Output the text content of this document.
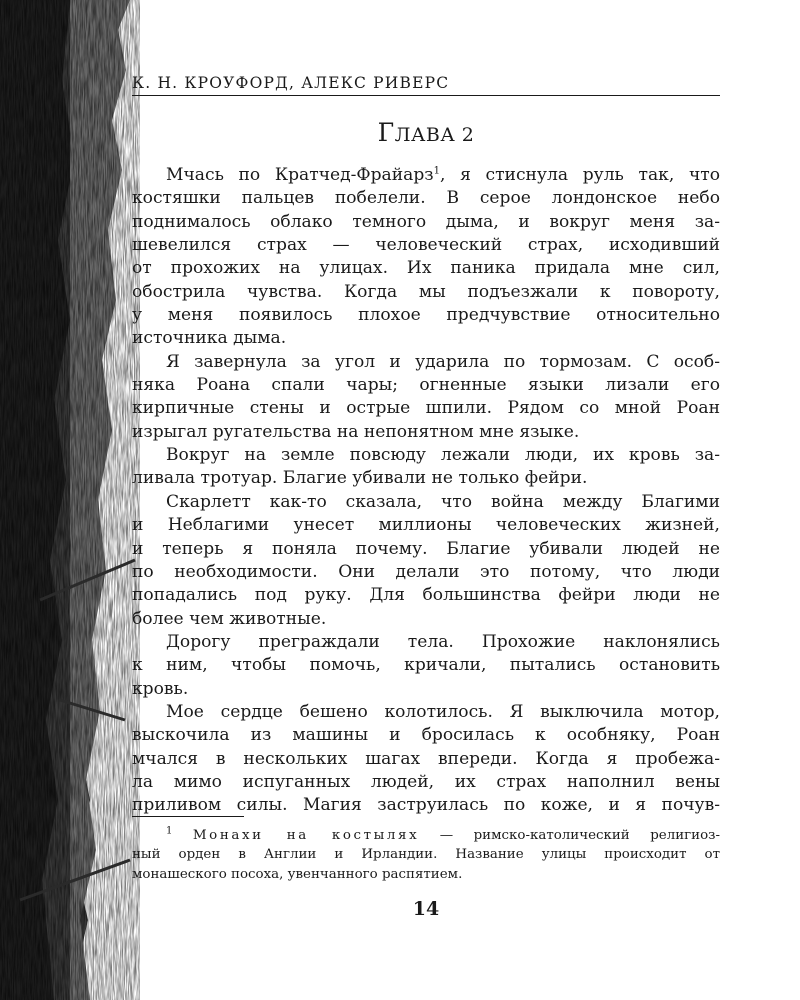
К. Н. КРОУФОРД, АЛЕКС РИВЕРС
ГЛАВА 2
Мчась по Кратчед-Фрайарз$^1$, я стиснула руль так, что
костяшки пальцев побелели. В серое лондонское небо
поднималось облако темного дыма, и вокруг меня за-
шевелился страх — человеческий страх, исходивший
от прохожих на улицах. Их паника придала мне сил,
обострила чувства. Когда мы подъезжали к повороту,
у меня появилось плохое предчувствие относительно
источника дыма.
Я завернула за угол и ударила по тормозам. С особ-
няка Роана спали чары; огненные языки лизали его
кирпичные стены и острые шпили. Рядом со мной Роан
изрыгал ругательства на непонятном мне языке.
Вокруг на земле повсюду лежали люди, их кровь за-
ливала тротуар. Благие убивали не только фейри.
Скарлетт как-то сказала, что война между Благими
и Неблагими унесет миллионы человеческих жизней,
и теперь я поняла почему. Благие убивали людей не
по необходимости. Они делали это потому, что люди
попадались под руку. Для большинства фейри люди не
более чем животные.
Дорогу преграждали тела. Прохожие наклонялись
к ним, чтобы помочь, кричали, пытались остановить
кровь.
Мое сердце бешено колотилось. Я выключила мотор,
выскочила из машины и бросилась к особняку, Роан
мчался в нескольких шагах впереди. Когда я пробежа-
ла мимо испуганных людей, их страх наполнил вены
приливом силы. Магия заструилась по коже, и я почув-
$^1$ Монахи на костылях — римско-католический религиоз-
ный орден в Англии и Ирландии. Название улицы происходит от
монашеского посоха, увенчанного распятием.
14
